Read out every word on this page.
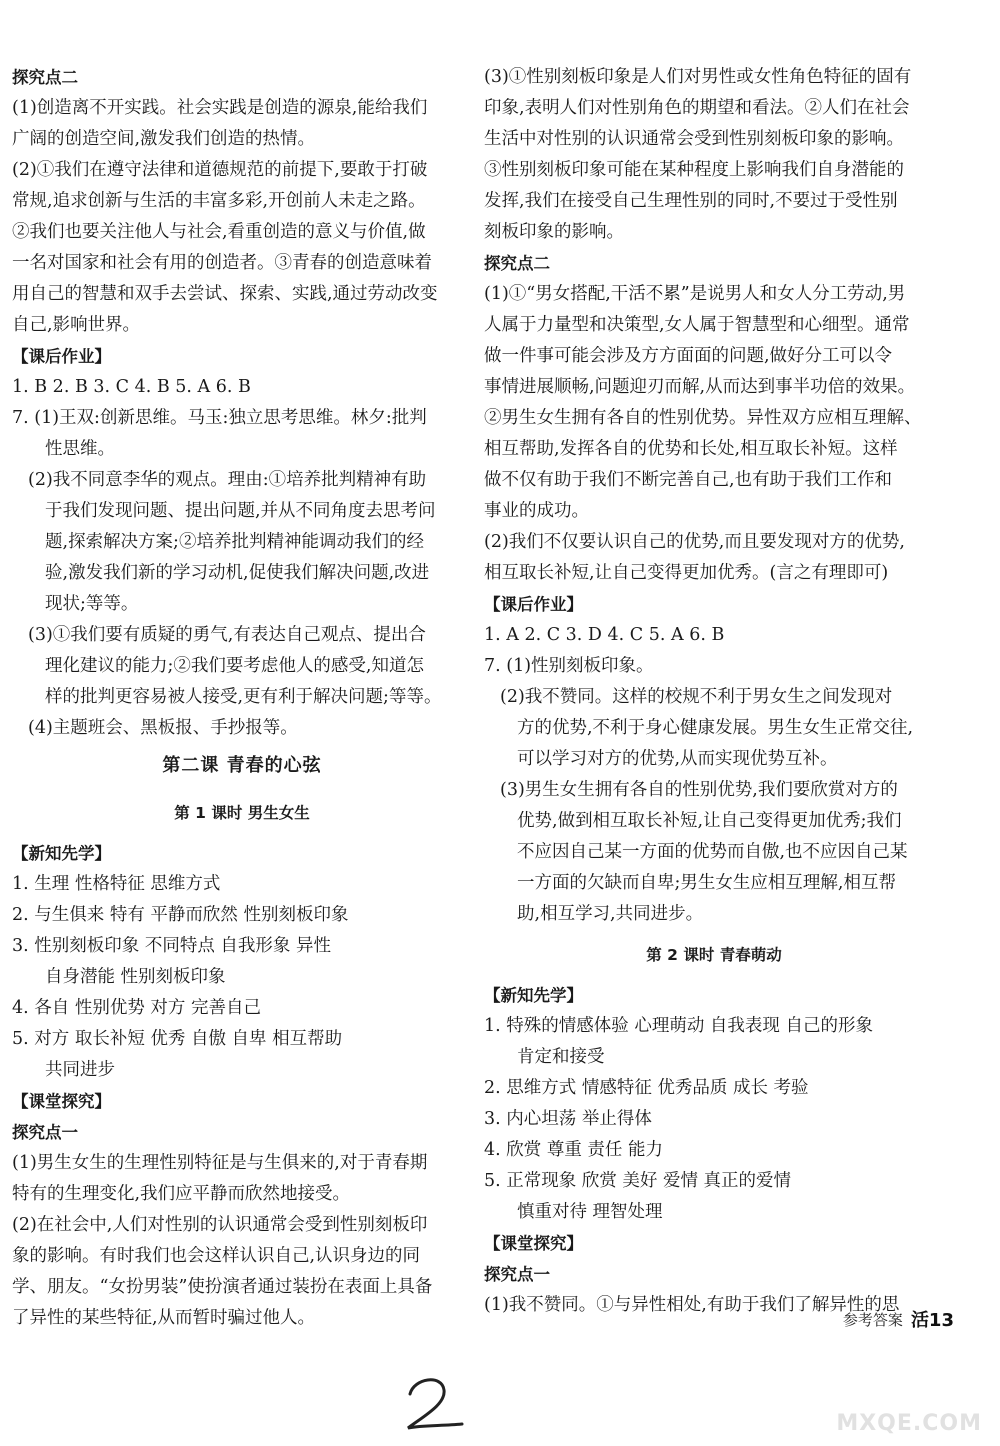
探究点二
(1)创造离不开实践。社会实践是创造的源泉,能给我们
广阔的创造空间,激发我们创造的热情。
(2)①我们在遵守法律和道德规范的前提下,要敢于打破
常规,追求创新与生活的丰富多彩,开创前人未走之路。
②我们也要关注他人与社会,看重创造的意义与价值,做
一名对国家和社会有用的创造者。③青春的创造意味着
用自己的智慧和双手去尝试、探索、实践,通过劳动改变
自己,影响世界。
【课后作业】
1. B 2. B 3. C 4. B 5. A 6. B
7. (1)王双:创新思维。马玉:独立思考思维。林夕:批判
性思维。
(2)我不同意李华的观点。理由:①培养批判精神有助
于我们发现问题、提出问题,并从不同角度去思考问
题,探索解决方案;②培养批判精神能调动我们的经
验,激发我们新的学习动机,促使我们解决问题,改进
现状;等等。
(3)①我们要有质疑的勇气,有表达自己观点、提出合
理化建议的能力;②我们要考虑他人的感受,知道怎
样的批判更容易被人接受,更有利于解决问题;等等。
(4)主题班会、黑板报、手抄报等。
第二课 青春的心弦
第 1 课时 男生女生
【新知先学】
1. 生理 性格特征 思维方式
2. 与生俱来 特有 平静而欣然 性别刻板印象
3. 性别刻板印象 不同特点 自我形象 异性
自身潜能 性别刻板印象
4. 各自 性别优势 对方 完善自己
5. 对方 取长补短 优秀 自傲 自卑 相互帮助
共同进步
【课堂探究】
探究点一
(1)男生女生的生理性别特征是与生俱来的,对于青春期
特有的生理变化,我们应平静而欣然地接受。
(2)在社会中,人们对性别的认识通常会受到性别刻板印
象的影响。有时我们也会这样认识自己,认识身边的同
学、朋友。“女扮男装”使扮演者通过装扮在表面上具备
了异性的某些特征,从而暂时骗过他人。
(3)①性别刻板印象是人们对男性或女性角色特征的固有
印象,表明人们对性别角色的期望和看法。②人们在社会
生活中对性别的认识通常会受到性别刻板印象的影响。
③性别刻板印象可能在某种程度上影响我们自身潜能的
发挥,我们在接受自己生理性别的同时,不要过于受性别
刻板印象的影响。
探究点二
(1)①“男女搭配,干活不累”是说男人和女人分工劳动,男
人属于力量型和决策型,女人属于智慧型和心细型。通常
做一件事可能会涉及方方面面的问题,做好分工可以令
事情进展顺畅,问题迎刃而解,从而达到事半功倍的效果。
②男生女生拥有各自的性别优势。异性双方应相互理解、
相互帮助,发挥各自的优势和长处,相互取长补短。这样
做不仅有助于我们不断完善自己,也有助于我们工作和
事业的成功。
(2)我们不仅要认识自己的优势,而且要发现对方的优势,
相互取长补短,让自己变得更加优秀。(言之有理即可)
【课后作业】
1. A 2. C 3. D 4. C 5. A 6. B
7. (1)性别刻板印象。
(2)我不赞同。这样的校规不利于男女生之间发现对
方的优势,不利于身心健康发展。男生女生正常交往,
可以学习对方的优势,从而实现优势互补。
(3)男生女生拥有各自的性别优势,我们要欣赏对方的
优势,做到相互取长补短,让自己变得更加优秀;我们
不应因自己某一方面的优势而自傲,也不应因自己某
一方面的欠缺而自卑;男生女生应相互理解,相互帮
助,相互学习,共同进步。
第 2 课时 青春萌动
【新知先学】
1. 特殊的情感体验 心理萌动 自我表现 自己的形象
肯定和接受
2. 思维方式 情感特征 优秀品质 成长 考验
3. 内心坦荡 举止得体
4. 欣赏 尊重 责任 能力
5. 正常现象 欣赏 美好 爱情 真正的爱情
慎重对待 理智处理
【课堂探究】
探究点一
(1)我不赞同。①与异性相处,有助于我们了解异性的思
参考答案 活13
MXQE.COM
